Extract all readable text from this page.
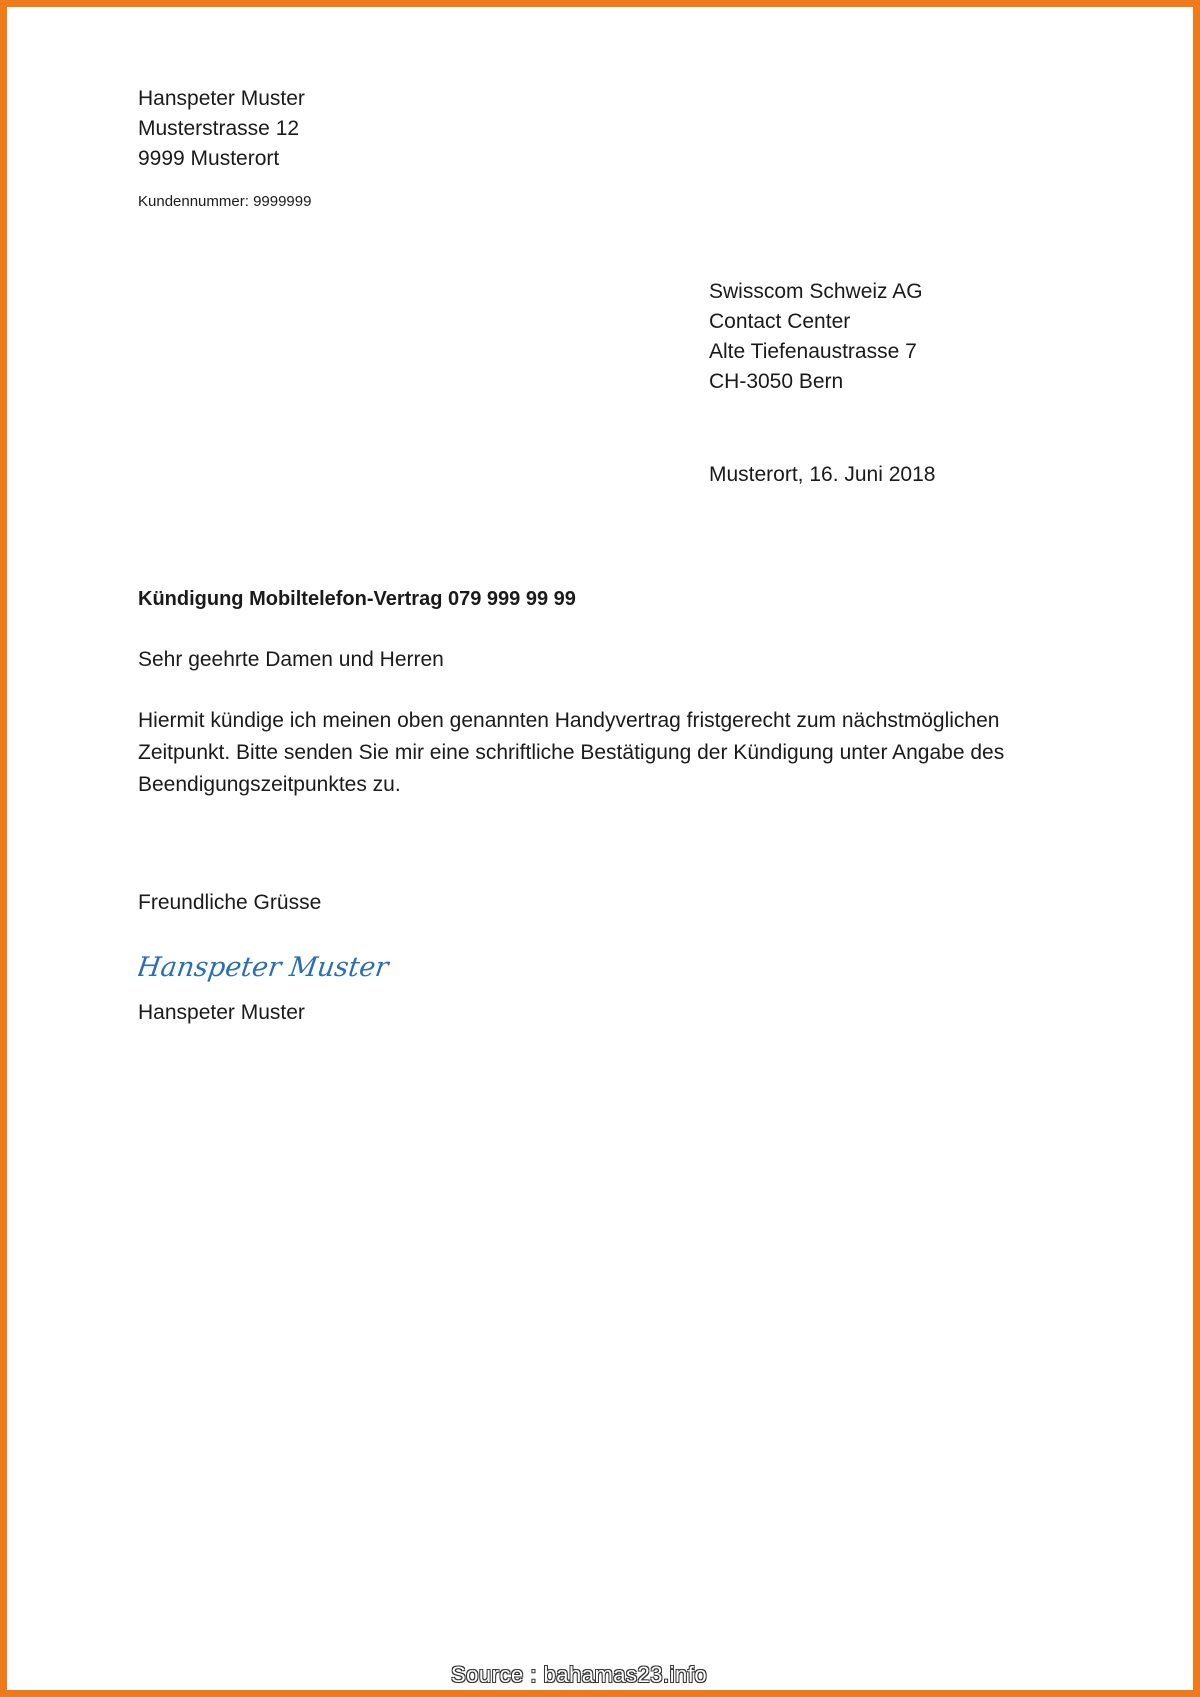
Hanspeter Muster
Musterstrasse 12
9999 Musterort
Kundennummer: 9999999
Swisscom Schweiz AG
Contact Center
Alte Tiefenaustrasse 7
CH-3050 Bern
Musterort, 16. Juni 2018
Kündigung Mobiltelefon-Vertrag 079 999 99 99
Sehr geehrte Damen und Herren
Hiermit kündige ich meinen oben genannten Handyvertrag fristgerecht zum nächstmöglichen
Zeitpunkt. Bitte senden Sie mir eine schriftliche Bestätigung der Kündigung unter Angabe des
Beendigungszeitpunktes zu.
Freundliche Grüsse
Hanspeter Muster
Hanspeter Muster
Source : bahamas23.info
